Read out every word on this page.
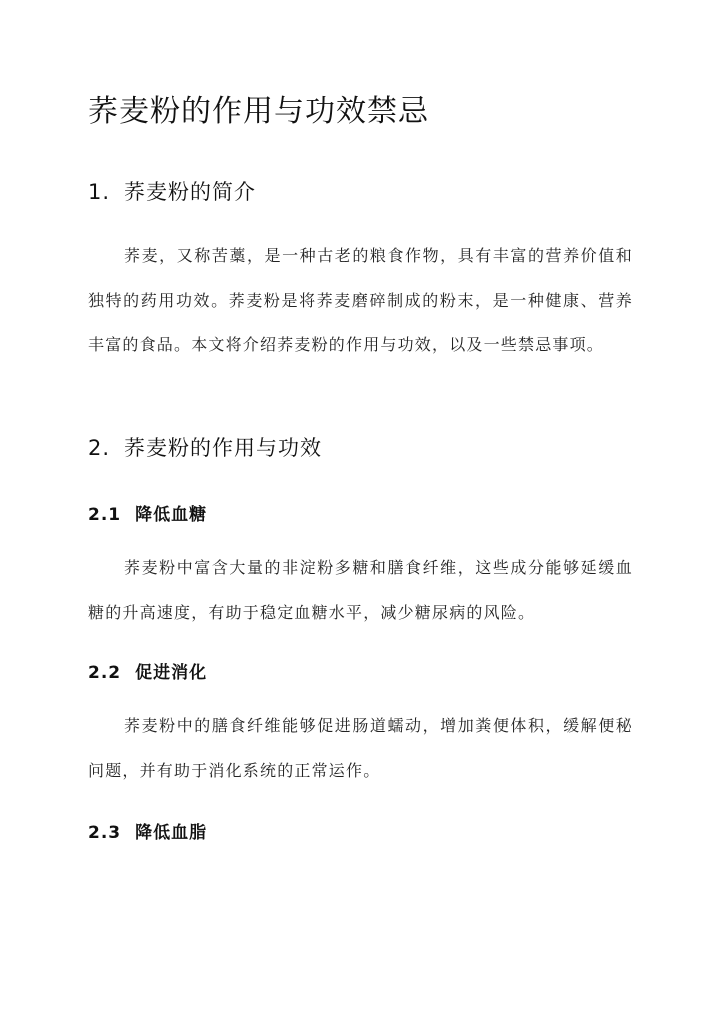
荞麦粉的作用与功效禁忌
1. 荞麦粉的简介

荞麦，又称苦藁，是一种古老的粮食作物，具有丰富的营养价值和独特的药用功效。荞麦粉是将荞麦磨碎制成的粉末，是一种健康、营养丰富的食品。本文将介绍荞麦粉的作用与功效，以及一些禁忌事项。

2. 荞麦粉的作用与功效
2.1 降低血糖

荞麦粉中富含大量的非淀粉多糖和膳食纤维，这些成分能够延缓血糖的升高速度，有助于稳定血糖水平，减少糖尿病的风险。

2.2 促进消化

荞麦粉中的膳食纤维能够促进肠道蠕动，增加粪便体积，缓解便秘问题，并有助于消化系统的正常运作。

2.3 降低血脂
